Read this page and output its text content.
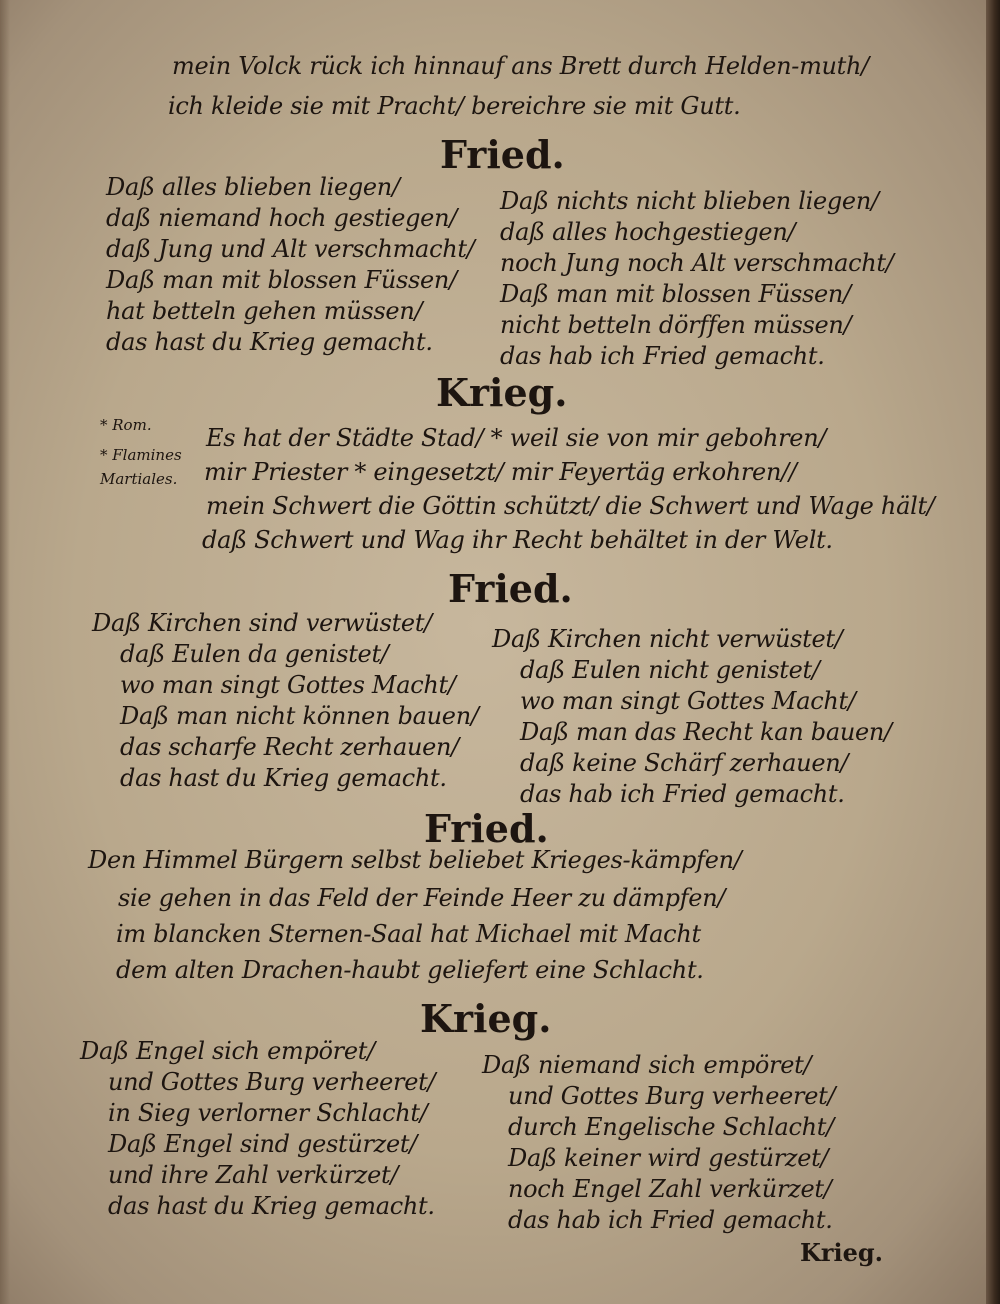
mein Volck rück ich hinnauf ans Brett durch Helden-muth/
ich kleide sie mit Pracht/ bereichre sie mit Gutt.
Fried.
Daß alles blieben liegen/
daß niemand hoch gestiegen/
daß Jung und Alt verschmacht/
Daß man mit blossen Füssen/
hat betteln gehen müssen/
das hast du Krieg gemacht.
Daß nichts nicht blieben liegen/
daß alles hochgestiegen/
noch Jung noch Alt verschmacht/
Daß man mit blossen Füssen/
nicht betteln dörffen müssen/
das hab ich Fried gemacht.
Krieg.
* Rom.
* Flamines
Martiales.
Es hat der Städte Stad/ * weil sie von mir gebohren/
mir Priester * eingesetzt/ mir Feyertäg erkohren//
mein Schwert die Göttin schützt/ die Schwert und Wage hält/
daß Schwert und Wag ihr Recht behältet in der Welt.
Fried.
Daß Kirchen sind verwüstet/
daß Eulen da genistet/
wo man singt Gottes Macht/
Daß man nicht können bauen/
das scharfe Recht zerhauen/
das hast du Krieg gemacht.
Daß Kirchen nicht verwüstet/
daß Eulen nicht genistet/
wo man singt Gottes Macht/
Daß man das Recht kan bauen/
daß keine Schärf zerhauen/
das hab ich Fried gemacht.
Fried.
Den Himmel Bürgern selbst beliebet Krieges-kämpfen/
sie gehen in das Feld der Feinde Heer zu dämpfen/
im blancken Sternen-Saal hat Michael mit Macht
dem alten Drachen-haubt geliefert eine Schlacht.
Krieg.
Daß Engel sich empöret/
und Gottes Burg verheeret/
in Sieg verlorner Schlacht/
Daß Engel sind gestürzet/
und ihre Zahl verkürzet/
das hast du Krieg gemacht.
Daß niemand sich empöret/
und Gottes Burg verheeret/
durch Engelische Schlacht/
Daß keiner wird gestürzet/
noch Engel Zahl verkürzet/
das hab ich Fried gemacht.
Krieg.
